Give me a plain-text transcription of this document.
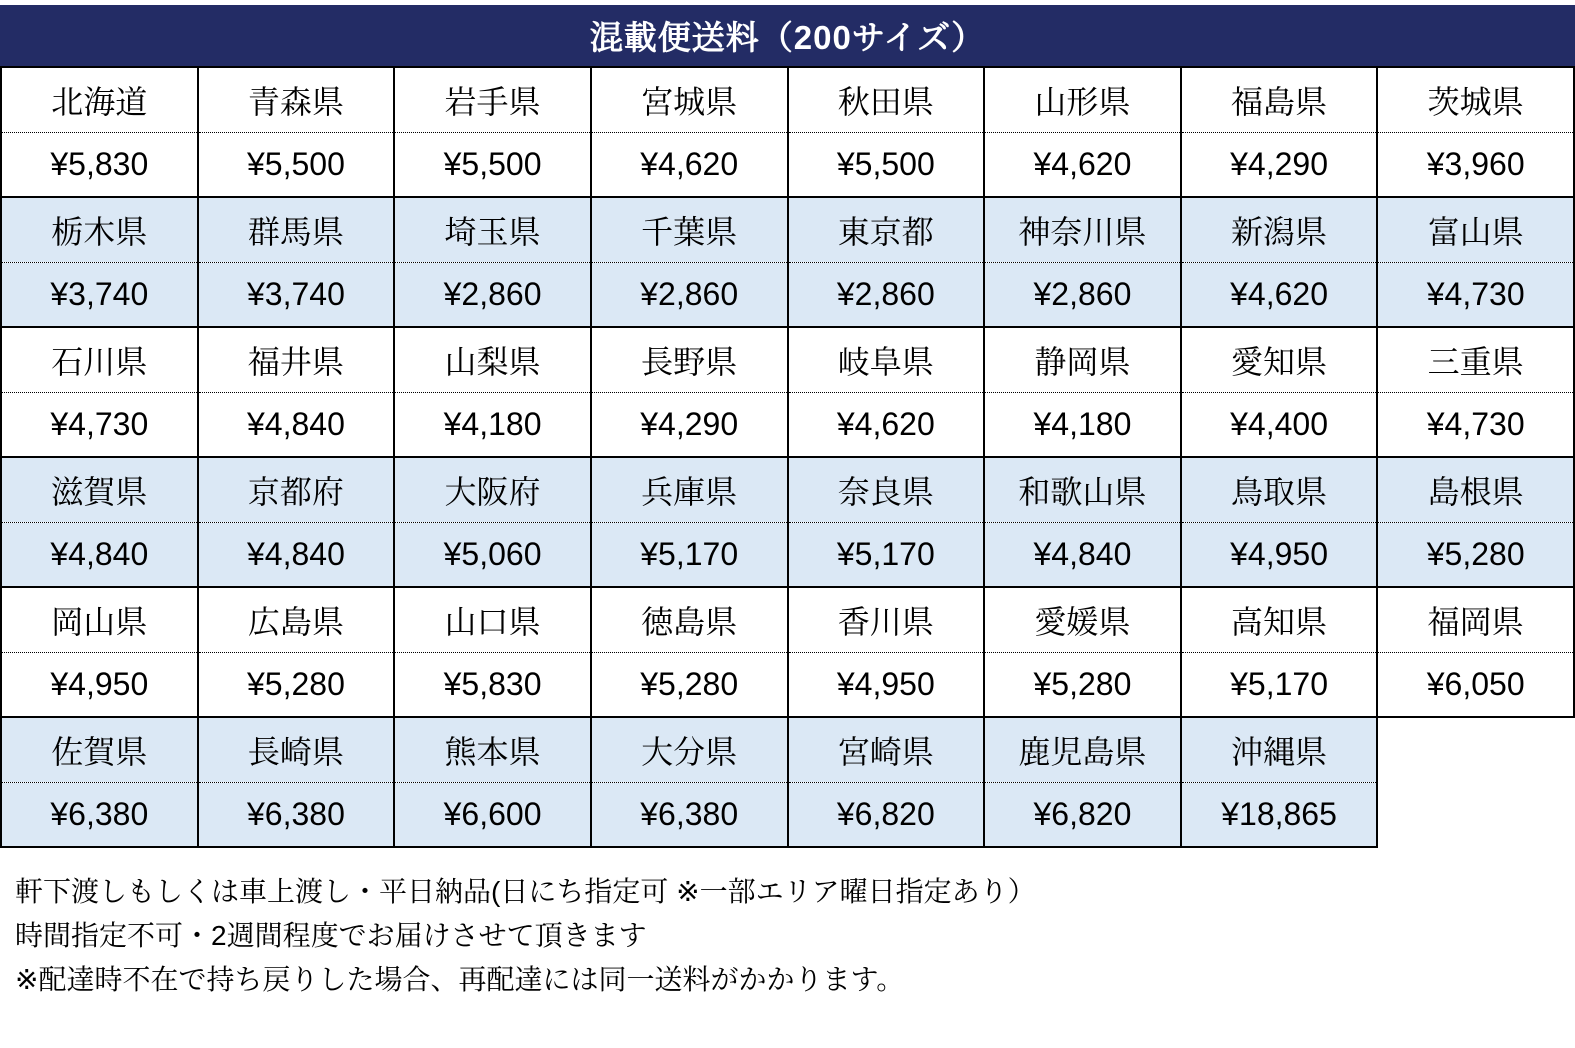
混載便送料（200サイズ）
北海道	青森県	岩手県	宮城県	秋田県	山形県	福島県	茨城県
¥5,830	¥5,500	¥5,500	¥4,620	¥5,500	¥4,620	¥4,290	¥3,960
栃木県	群馬県	埼玉県	千葉県	東京都	神奈川県	新潟県	富山県
¥3,740	¥3,740	¥2,860	¥2,860	¥2,860	¥2,860	¥4,620	¥4,730
石川県	福井県	山梨県	長野県	岐阜県	静岡県	愛知県	三重県
¥4,730	¥4,840	¥4,180	¥4,290	¥4,620	¥4,180	¥4,400	¥4,730
滋賀県	京都府	大阪府	兵庫県	奈良県	和歌山県	鳥取県	島根県
¥4,840	¥4,840	¥5,060	¥5,170	¥5,170	¥4,840	¥4,950	¥5,280
岡山県	広島県	山口県	徳島県	香川県	愛媛県	高知県	福岡県
¥4,950	¥5,280	¥5,830	¥5,280	¥4,950	¥5,280	¥5,170	¥6,050
佐賀県	長崎県	熊本県	大分県	宮崎県	鹿児島県	沖縄県	
¥6,380	¥6,380	¥6,600	¥6,380	¥6,820	¥6,820	¥18,865	
軒下渡しもしくは車上渡し・平日納品(日にち指定可 ※一部エリア曜日指定あり）
時間指定不可・2週間程度でお届けさせて頂きます
※配達時不在で持ち戻りした場合、再配達には同一送料がかかります。
